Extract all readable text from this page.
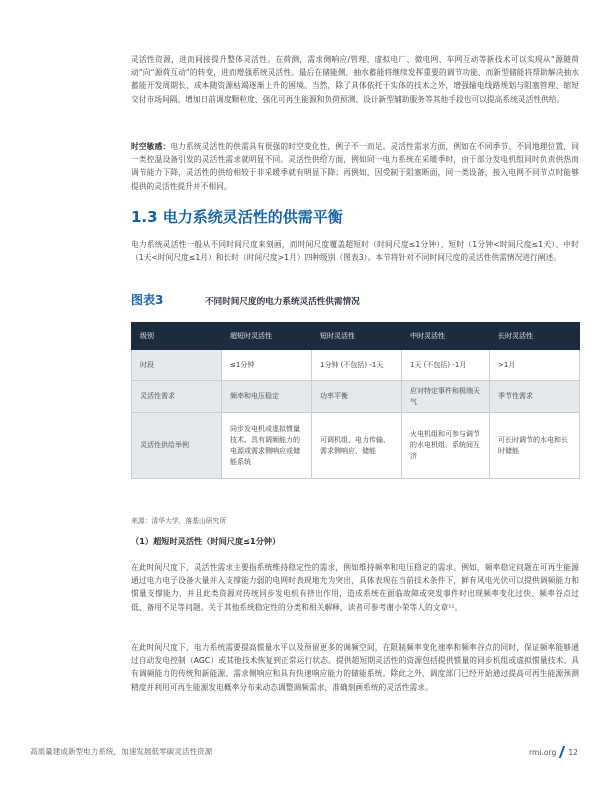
灵活性资源，进而间接提升整体灵活性。在荷测，需求侧响应/管理、虚拟电厂、微电网、车网互动等新技术可以实现从“源随荷动”向“源荷互动”的转变，进而增强系统灵活性。最后在储能侧，抽水蓄能将继续发挥重要的调节功能，而新型储能将帮助解决抽水蓄能开发周期长、成本随资源枯竭逐渐上升的困境。当然，除了具体依托于实体的技术之外，增强输电线路规划与阻塞管理、缩短交付市场间隔、增加日前调度颗粒度、强化可再生能源和负荷预测、设计新型辅助服务等其他手段也可以提高系统灵活性供给。

时空敏感：电力系统灵活性的供需具有很强的时空变化性，例子不一而足。灵活性需求方面，例如在不同季节、不同地理位置，同一类控温设备引发的灵活性需求就明显不同。灵活性供给方面，例如同一电力系统在采暖季时，由于部分发电机组同时负责供热而调节能力下降，灵活性的供给相较于非采暖季就有明显下降；再例如，因受制于阻塞断面，同一类设备，接入电网不同节点时能够提供的灵活性提升并不相同。

1.3 电力系统灵活性的供需平衡

电力系统灵活性一般从不同时间尺度来刻画，而时间尺度覆盖超短时（时间尺度≤1分钟）、短时（1分钟<时间尺度≤1天）、中时（1天<时间尺度≤1月）和长时（时间尺度>1月）四种级别（图表3）。本节将针对不同时间尺度的灵活性供需情况进行阐述。

图表3	不同时间尺度的电力系统灵活性供需情况
级别	超短时灵活性	短时灵活性	中时灵活性	长时灵活性
时段	≤1分钟	1分钟 (不包括) -1天	1天 (不包括) -1月	>1月
灵活性需求	频率和电压稳定	功率平衡	应对特定事件和极端天气	季节性需求
灵活性供给举例	同步发电机或虚拟惯量技术、具有调频能力的电源或需求侧响应或储能系统	可调机组、电力传输、需求侧响应、储能	火电机组和可参与调节的水电机组、系统间互济	可长时调节的水电和长时储能
来源：清华大学，落基山研究所

（1）超短时灵活性（时间尺度≤1分钟）

在此时间尺度下，灵活性需求主要指系统维持稳定性的需求，例如维持频率和电压稳定的需求。例如，频率稳定问题在可再生能源通过电力电子设备大量并入支撑能力弱的电网时表现地尤为突出，具体表现在当前技术条件下，鲜有风电光伏可以提供调频能力和惯量支撑能力，并且此类资源对传统同步发电机有挤出作用，造成系统在面临故障或突发事件时出现频率变化过快、频率谷点过低、备用不足等问题。关于其他系统稳定性的分类和相关解释，读者可参考谢小荣等人的文章¹¹。

在此时间尺度下，电力系统需要提高惯量水平以及预留更多的调频空间，在限制频率变化速率和频率谷点的同时，保证频率能够通过自动发电控制（AGC）或其他技术恢复到正常运行状态。提供超短期灵活性的资源包括提供惯量的同步机组或虚拟惯量技术、具有调频能力的传统和新能源、需求侧响应和具有快速响应能力的储能系统。除此之外，调度部门已经开始通过提高可再生能源预测精度并利用可再生能源发电概率分布来动态调整调频需求，准确刻画系统的灵活性需求。

高质量建成新型电力系统，加速发展低零碳灵活性资源	rmi.org 12
